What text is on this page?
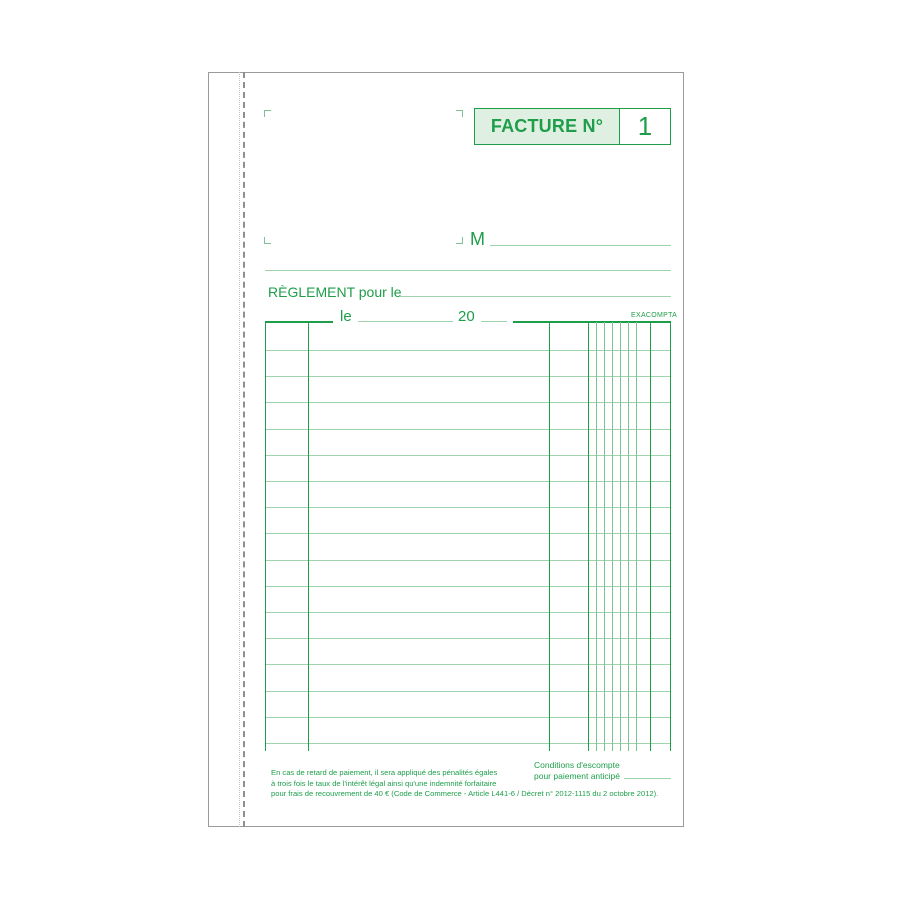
FACTURE N°	1
M
RÈGLEMENT pour le
le	20	EXACOMPTA
Conditions d'escompte
pour paiement anticipé
En cas de retard de paiement, il sera appliqué des pénalités égales
à trois fois le taux de l'intérêt légal ainsi qu'une indemnité forfaitaire
pour frais de recouvrement de 40 € (Code de Commerce - Article L441-6 / Décret n° 2012-1115 du 2 octobre 2012).
